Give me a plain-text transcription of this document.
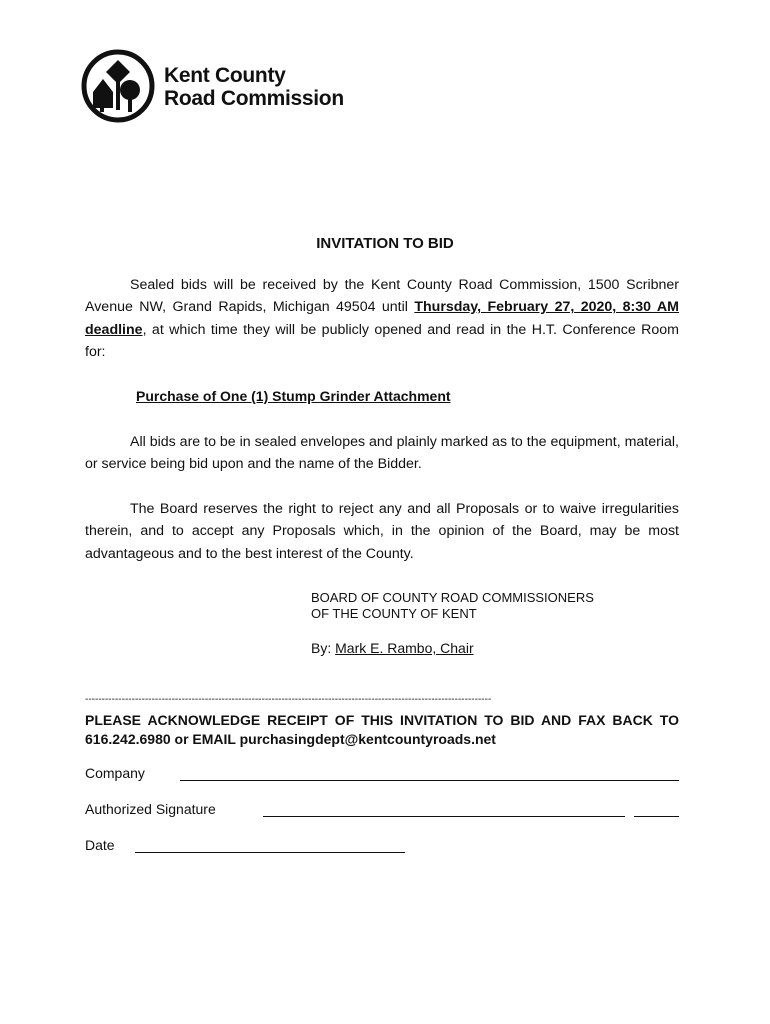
Kent County
Road Commission
INVITATION TO BID
Sealed bids will be received by the Kent County Road Commission, 1500 Scribner Avenue NW, Grand Rapids, Michigan 49504 until Thursday, February 27, 2020, 8:30 AM deadline, at which time they will be publicly opened and read in the H.T. Conference Room for:
Purchase of One (1) Stump Grinder Attachment
All bids are to be in sealed envelopes and plainly marked as to the equipment, material, or service being bid upon and the name of the Bidder.
The Board reserves the right to reject any and all Proposals or to waive irregularities therein, and to accept any Proposals which, in the opinion of the Board, may be most advantageous and to the best interest of the County.
BOARD OF COUNTY ROAD COMMISSIONERS
OF THE COUNTY OF KENT
By: Mark E. Rambo, Chair
--------------------------------------------------------------------------------------------------------------------------
PLEASE ACKNOWLEDGE RECEIPT OF THIS INVITATION TO BID AND FAX BACK TO 616.242.6980 or EMAIL purchasingdept@kentcountyroads.net
Company
Authorized Signature
Date
